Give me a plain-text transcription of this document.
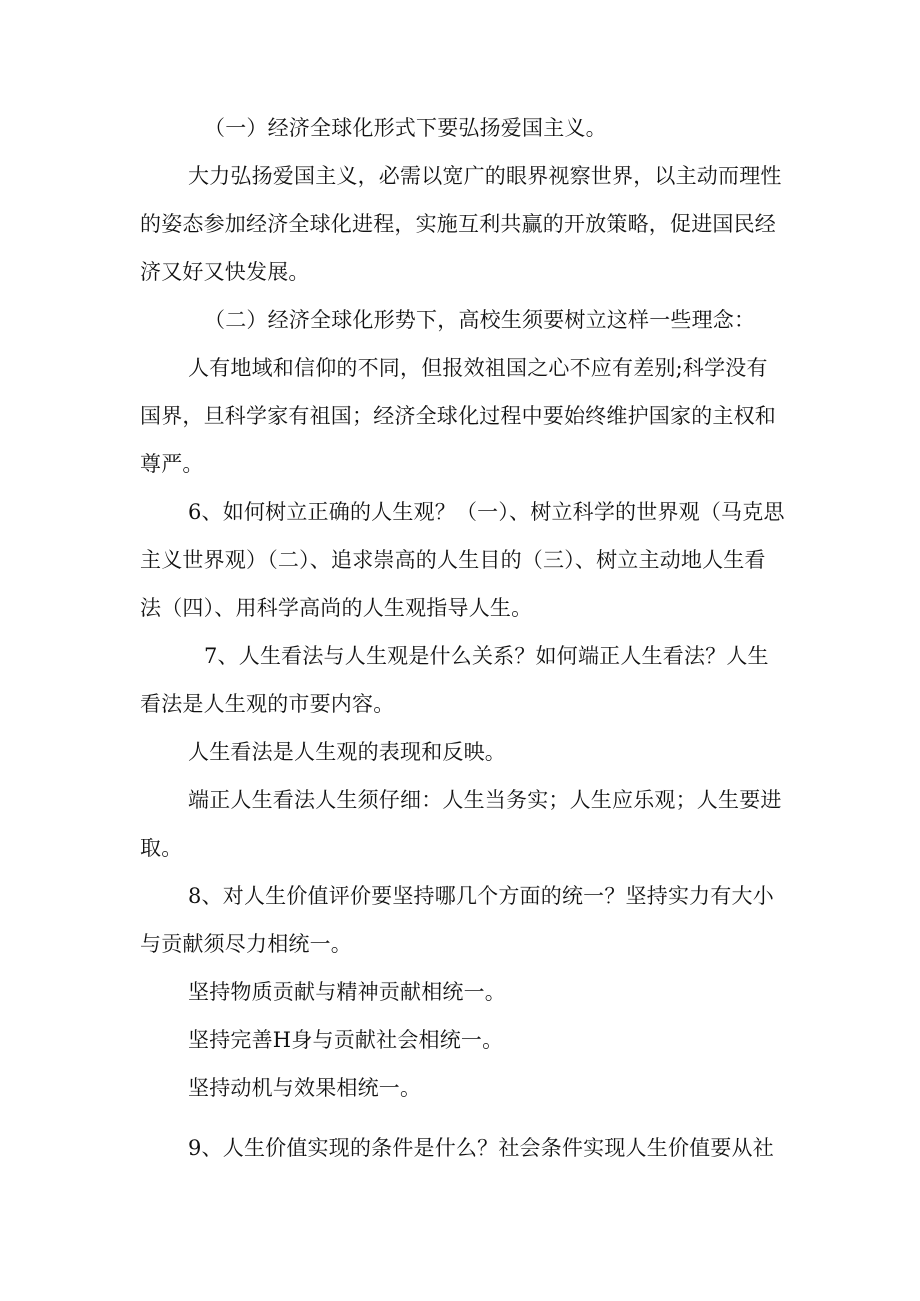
（一）经济全球化形式下要弘扬爱国主义。

大力弘扬爱国主义，必需以宽广的眼界视察世界，以主动而理性的姿态参加经济全球化进程，实施互利共赢的开放策略，促进国民经济又好又快发展。

（二）经济全球化形势下，高校生须要树立这样一些理念：

人有地域和信仰的不同，但报效祖国之心不应有差别;科学没有国界，旦科学家有祖国；经济全球化过程中要始终维护国家的主权和尊严。

6、如何树立正确的人生观？（一）、树立科学的世界观（马克思主义世界观）（二）、追求崇高的人生目的（三）、树立主动地人生看法（四）、用科学高尚的人生观指导人生。

7、人生看法与人生观是什么关系？如何端正人生看法？人生看法是人生观的市要内容。

人生看法是人生观的表现和反映。

端正人生看法人生须仔细：人生当务实；人生应乐观；人生要进取。

8、对人生价值评价要坚持哪几个方面的统一？坚持实力有大小与贡献须尽力相统一。

坚持物质贡献与精神贡献相统一。

坚持完善H身与贡献社会相统一。

坚持动机与效果相统一。

9、人生价值实现的条件是什么？社会条件实现人生价值要从社
